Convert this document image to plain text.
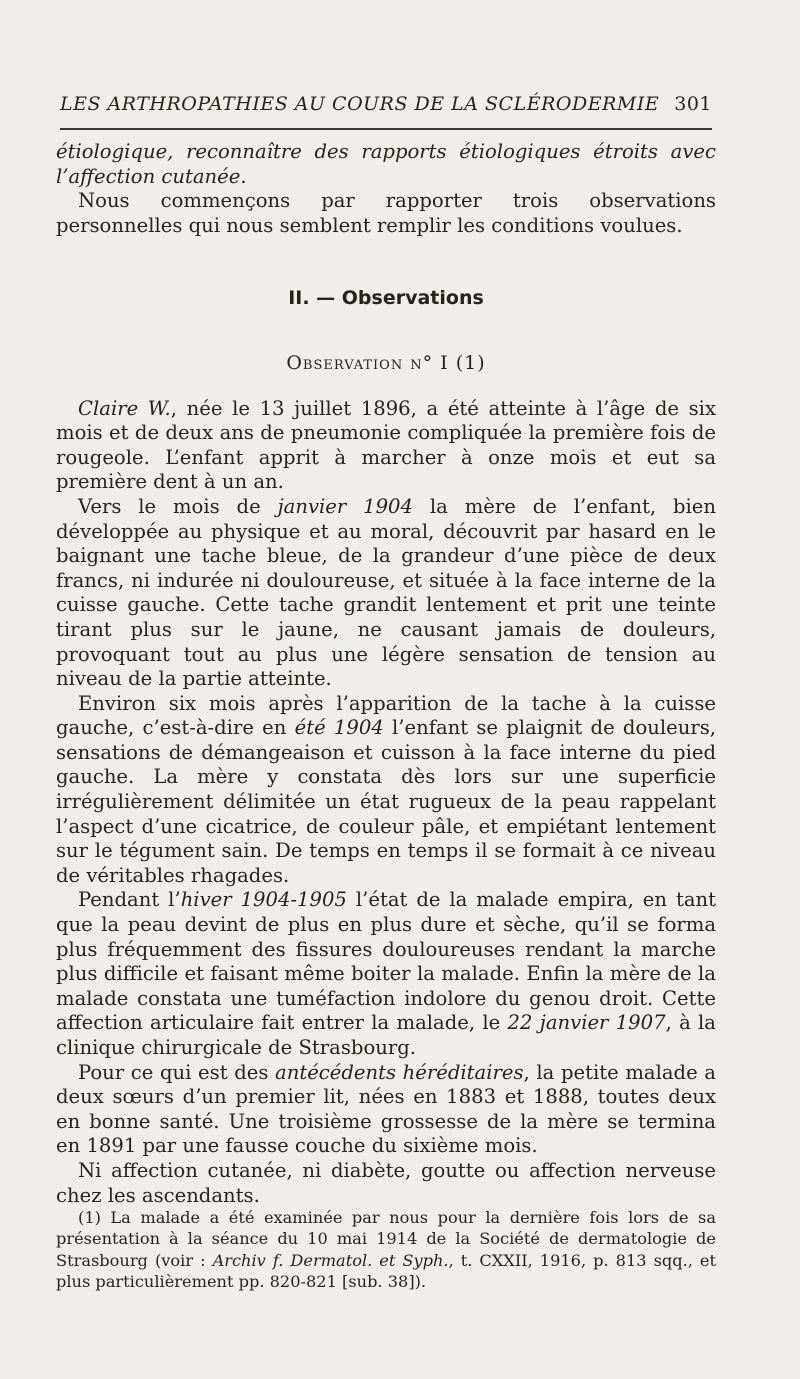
LES ARTHROPATHIES AU COURS DE LA SCLÉRODERMIE 301

étiologique, reconnaître des rapports étiologiques étroits avec l’affection cutanée.

Nous commençons par rapporter trois observations personnelles qui nous semblent remplir les conditions voulues.

II. — Observations
Observation n° I (1)

Claire W., née le 13 juillet 1896, a été atteinte à l’âge de six mois et de deux ans de pneumonie compliquée la première fois de rougeole. L’enfant apprit à marcher à onze mois et eut sa première dent à un an.

Vers le mois de janvier 1904 la mère de l’enfant, bien développée au physique et au moral, découvrit par hasard en le baignant une tache bleue, de la grandeur d’une pièce de deux francs, ni indurée ni douloureuse, et située à la face interne de la cuisse gauche. Cette tache grandit lentement et prit une teinte tirant plus sur le jaune, ne causant jamais de douleurs, provoquant tout au plus une légère sensation de tension au niveau de la partie atteinte.

Environ six mois après l’apparition de la tache à la cuisse gauche, c’est-à-dire en été 1904 l’enfant se plaignit de douleurs, sensations de démangeaison et cuisson à la face interne du pied gauche. La mère y constata dès lors sur une superficie irrégulièrement délimitée un état rugueux de la peau rappelant l’aspect d’une cicatrice, de couleur pâle, et empiétant lentement sur le tégument sain. De temps en temps il se formait à ce niveau de véritables rhagades.

Pendant l’hiver 1904-1905 l’état de la malade empira, en tant que la peau devint de plus en plus dure et sèche, qu’il se forma plus fréquemment des fissures douloureuses rendant la marche plus difficile et faisant même boiter la malade. Enfin la mère de la malade constata une tuméfaction indolore du genou droit. Cette affection articulaire fait entrer la malade, le 22 janvier 1907, à la clinique chirurgicale de Strasbourg.

Pour ce qui est des antécédents héréditaires, la petite malade a deux sœurs d’un premier lit, nées en 1883 et 1888, toutes deux en bonne santé. Une troisième grossesse de la mère se termina en 1891 par une fausse couche du sixième mois.

Ni affection cutanée, ni diabète, goutte ou affection nerveuse chez les ascendants.

(1) La malade a été examinée par nous pour la dernière fois lors de sa présentation à la séance du 10 mai 1914 de la Société de dermatologie de Strasbourg (voir : Archiv f. Dermatol. et Syph., t. CXXII, 1916, p. 813 sqq., et plus particulièrement pp. 820-821 [sub. 38]).
